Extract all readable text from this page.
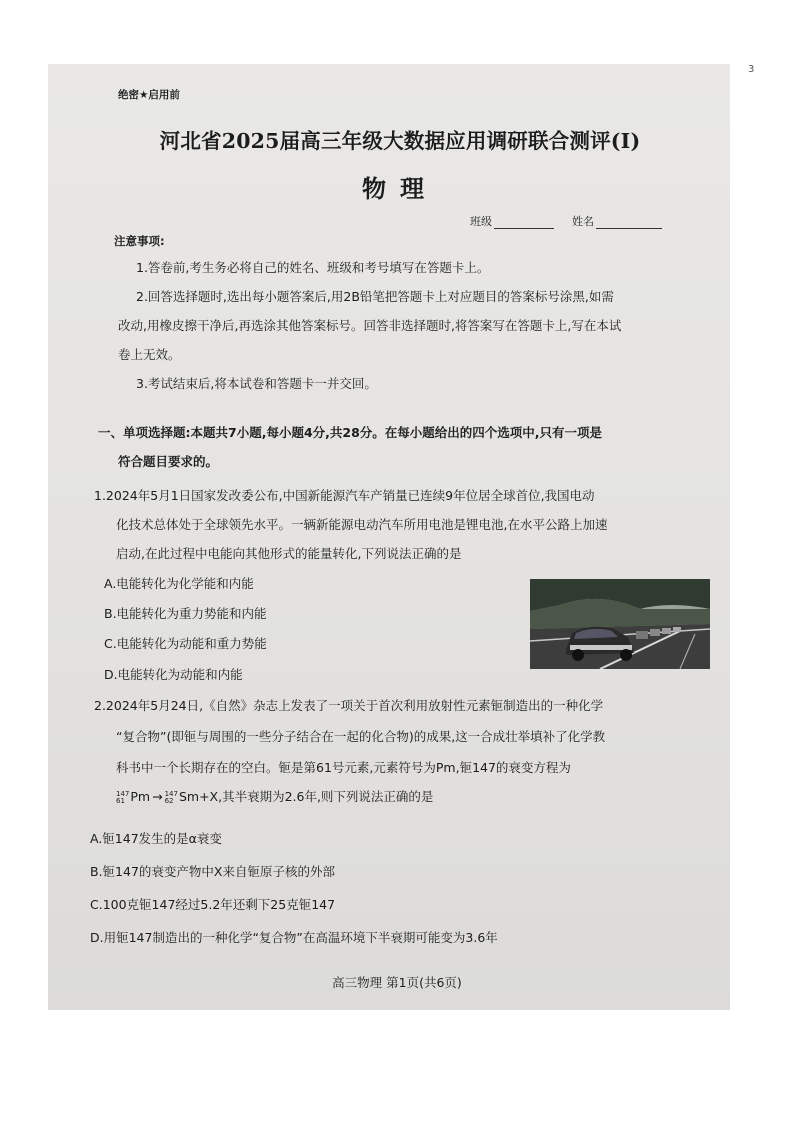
3
绝密★启用前
河北省2025届高三年级大数据应用调研联合测评(Ⅰ)
物理
班级	姓名
注意事项:
1.答卷前,考生务必将自己的姓名、班级和考号填写在答题卡上。
2.回答选择题时,选出每小题答案后,用2B铅笔把答题卡上对应题目的答案标号涂黑,如需
改动,用橡皮擦干净后,再选涂其他答案标号。回答非选择题时,将答案写在答题卡上,写在本试
卷上无效。
3.考试结束后,将本试卷和答题卡一并交回。
一、单项选择题:本题共7小题,每小题4分,共28分。在每小题给出的四个选项中,只有一项是
符合题目要求的。
1.2024年5月1日国家发改委公布,中国新能源汽车产销量已连续9年位居全球首位,我国电动
化技术总体处于全球领先水平。一辆新能源电动汽车所用电池是锂电池,在水平公路上加速
启动,在此过程中电能向其他形式的能量转化,下列说法正确的是
A.电能转化为化学能和内能
B.电能转化为重力势能和内能
C.电能转化为动能和重力势能
D.电能转化为动能和内能
2.2024年5月24日,《自然》杂志上发表了一项关于首次利用放射性元素钷制造出的一种化学
“复合物”(即钷与周围的一些分子结合在一起的化合物)的成果,这一合成壮举填补了化学教
科书中一个长期存在的空白。钷是第61号元素,元素符号为Pm,钷147的衰变方程为
147
61 Pm → 147
62 Sm+X,其半衰期为2.6年,则下列说法正确的是
A.钷147发生的是α衰变
B.钷147的衰变产物中X来自钷原子核的外部
C.100克钷147经过5.2年还剩下25克钷147
D.用钷147制造出的一种化学“复合物”在高温环境下半衰期可能变为3.6年
高三物理 第1页(共6页)
